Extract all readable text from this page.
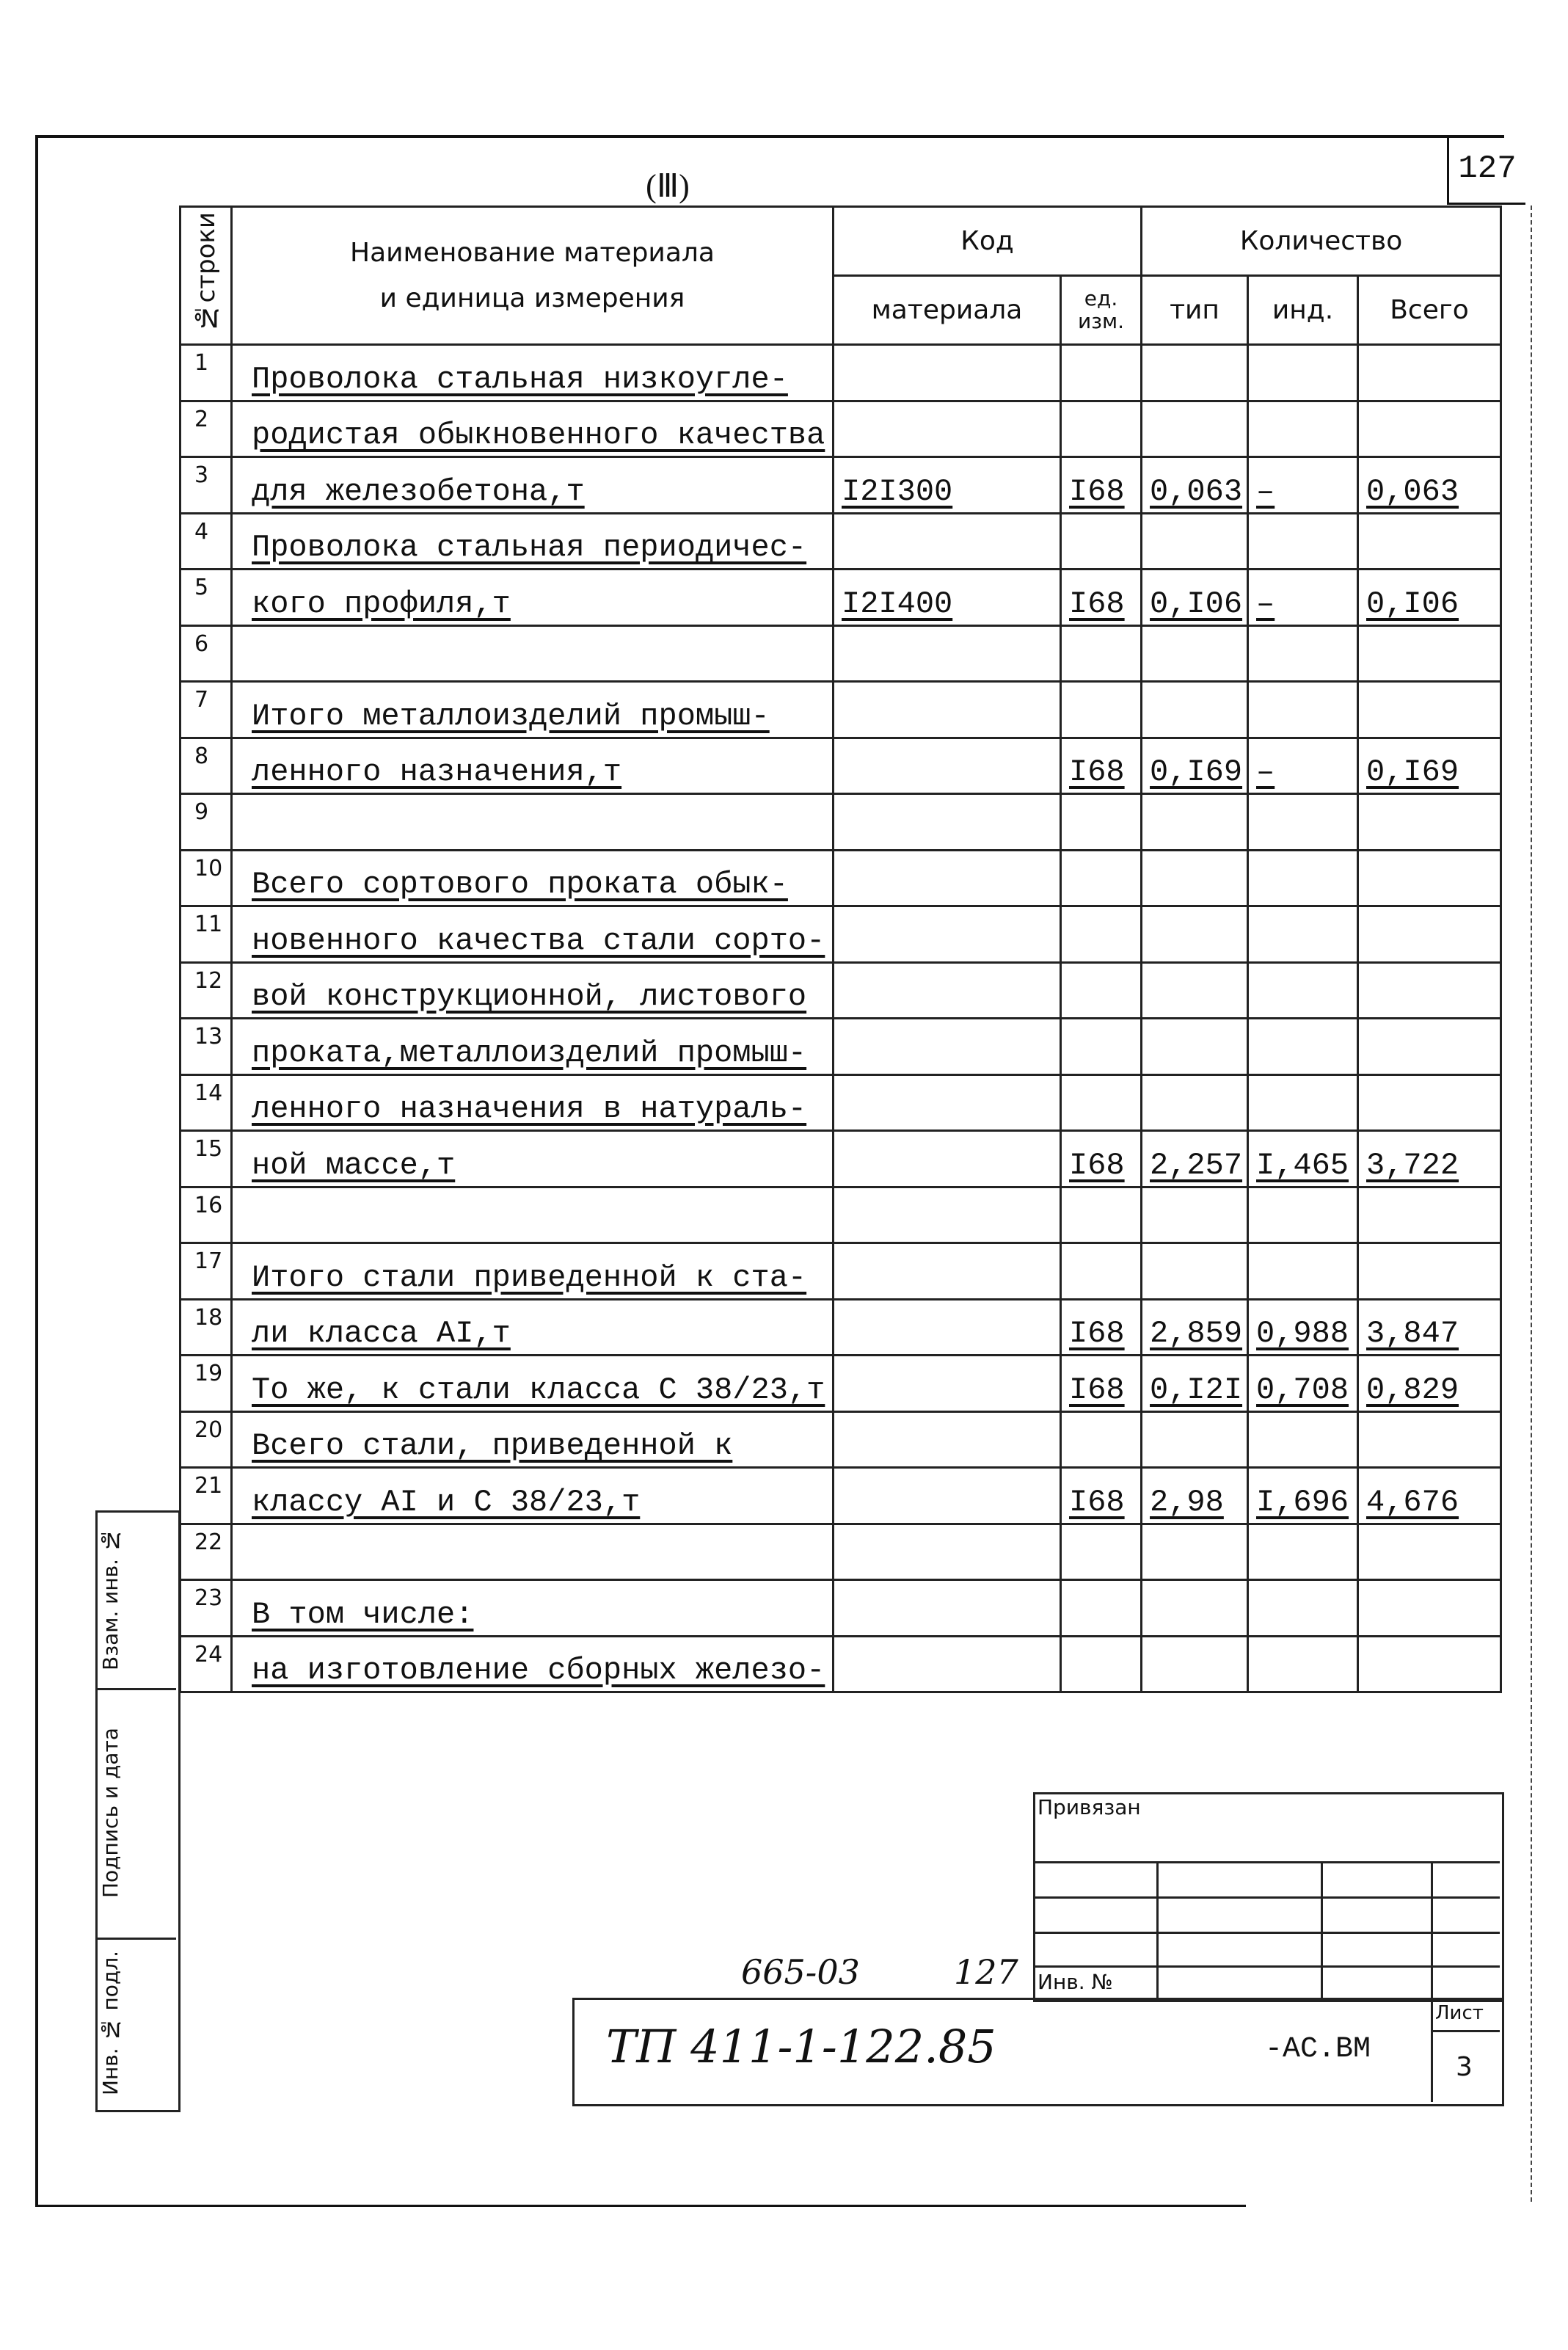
127
(Ⅲ)
№строки	Наименование материала
и единица измерения	Код		Количество		
		материала	ед. изм.	тип	инд.	Всего
1	Проволока стальная низкоугле-					
2	родистая обыкновенного качества					
3	для железобетона,т	I2I300	I68	0,063	–	0,063
4	Проволока стальная периодичес-					
5	кого профиля,т	I2I400	I68	0,I06	–	0,I06
6						
7	Итого металлоизделий промыш-					
8	ленного назначения,т		I68	0,I69	–	0,I69
9						
10	Всего сортового проката обык-					
11	новенного качества стали сорто-					
12	вой конструкционной, листового					
13	проката,металлоизделий промыш-					
14	ленного назначения в натураль-					
15	ной массе,т		I68	2,257	I,465	3,722
16						
17	Итого стали приведенной к ста-					
18	ли класса АI,т		I68	2,859	0,988	3,847
19	То же, к стали класса С 38/23,т		I68	0,I2I	0,708	0,829
20	Всего стали, приведенной к					
21	классу АI и С 38/23,т		I68	2,98	I,696	4,676
22						
23	В том числе:					
24	на изготовление сборных железо-					
Взам. инв. №
Подпись и дата
Инв. № подл.
Привязан
Инв. №
Лист
3
ТП 411-1-122.85	-АС.ВМ
665-03	127
